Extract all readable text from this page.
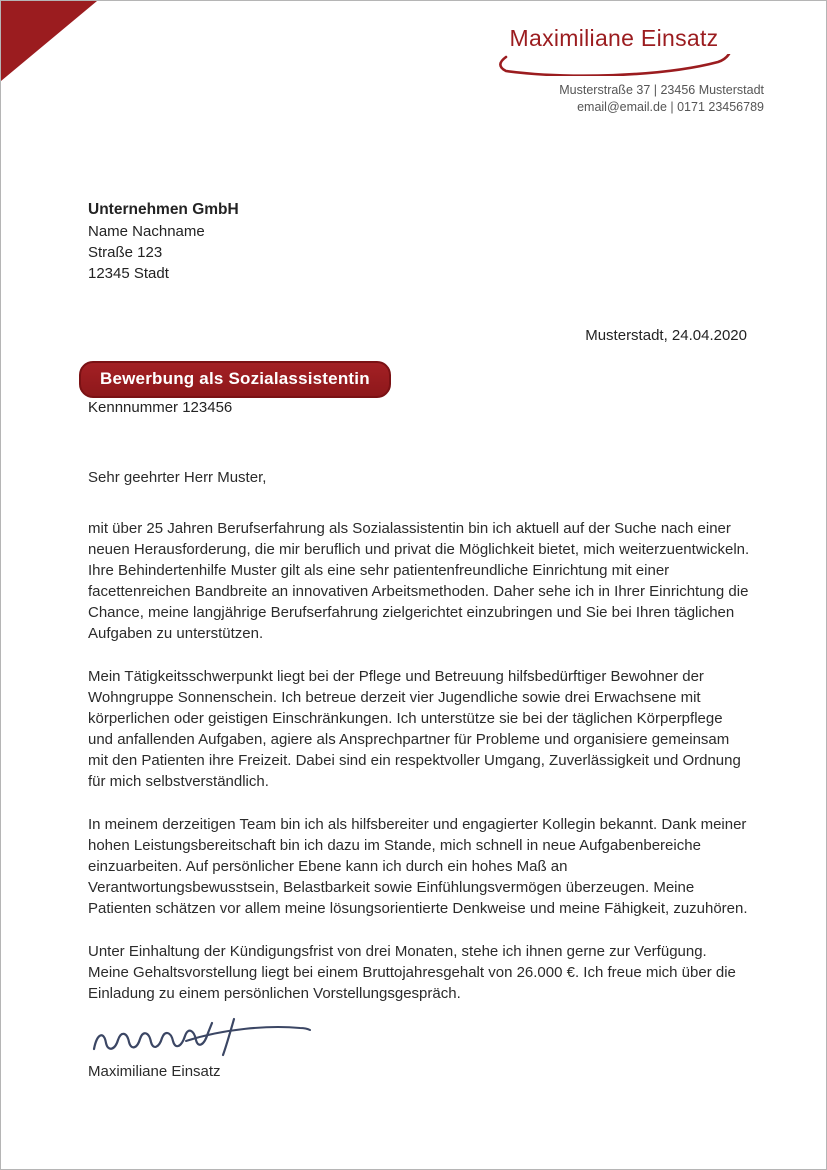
Maximiliane Einsatz
Musterstraße 37 | 23456 Musterstadt
email@email.de | 0171 23456789
Unternehmen GmbH
Name Nachname
Straße 123
12345 Stadt
Musterstadt, 24.04.2020
Bewerbung als Sozialassistentin
Kennnummer 123456
Sehr geehrter Herr Muster,

mit über 25 Jahren Berufserfahrung als Sozialassistentin bin ich aktuell auf der Suche nach einer neuen Herausforderung, die mir beruflich und privat die Möglichkeit bietet, mich weiterzuentwickeln. Ihre Behindertenhilfe Muster gilt als eine sehr patientenfreundliche Einrichtung mit einer facettenreichen Bandbreite an innovativen Arbeitsmethoden. Daher sehe ich in Ihrer Einrichtung die Chance, meine langjährige Berufserfahrung zielgerichtet einzubringen und Sie bei Ihren täglichen Aufgaben zu unterstützen.

Mein Tätigkeitsschwerpunkt liegt bei der Pflege und Betreuung hilfsbedürftiger Bewohner der Wohngruppe Sonnenschein. Ich betreue derzeit vier Jugendliche sowie drei Erwachsene mit körperlichen oder geistigen Einschränkungen. Ich unterstütze sie bei der täglichen Körperpflege und anfallenden Aufgaben, agiere als Ansprechpartner für Probleme und organisiere gemeinsam mit den Patienten ihre Freizeit. Dabei sind ein respektvoller Umgang, Zuverlässigkeit und Ordnung für mich selbstverständlich.

In meinem derzeitigen Team bin ich als hilfsbereiter und engagierter Kollegin bekannt. Dank meiner hohen Leistungsbereitschaft bin ich dazu im Stande, mich schnell in neue Aufgabenbereiche einzuarbeiten. Auf persönlicher Ebene kann ich durch ein hohes Maß an Verantwortungsbewusstsein, Belastbarkeit sowie Einfühlungsvermögen überzeugen. Meine Patienten schätzen vor allem meine lösungsorientierte Denkweise und meine Fähigkeit, zuzuhören.

Unter Einhaltung der Kündigungsfrist von drei Monaten, stehe ich ihnen gerne zur Verfügung. Meine Gehaltsvorstellung liegt bei einem Bruttojahresgehalt von 26.000 €. Ich freue mich über die Einladung zu einem persönlichen Vorstellungsgespräch.

Maximiliane Einsatz
